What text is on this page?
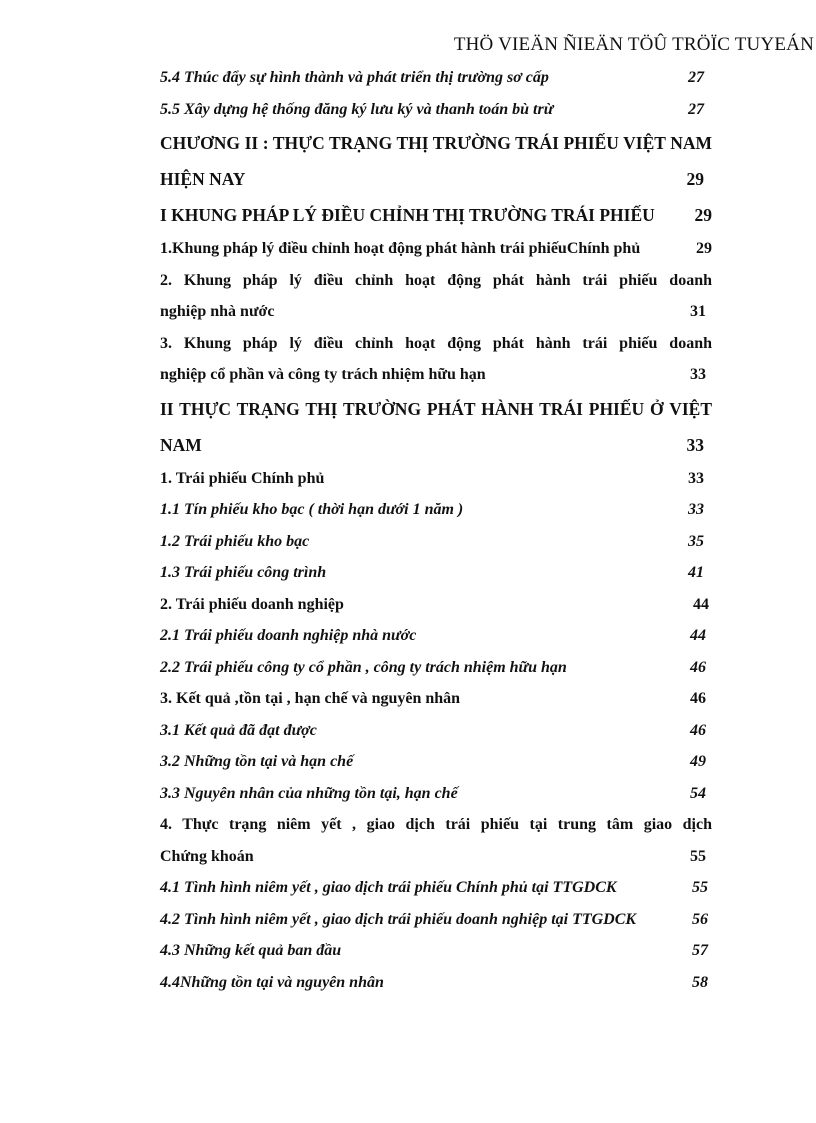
THÖ VIEÄN ÑIEÄN TÖÛ TRÖÏC TUYEÁN
5.4 Thúc đẩy sự hình thành và phát triển thị trường sơ cấp	27
5.5 Xây dựng hệ thống đăng ký lưu ký và thanh toán bù trừ	27
CHƯƠNG II : THỰC TRẠNG THỊ TRƯỜNG TRÁI PHIẾU VIỆT NAM
HIỆN NAY	29
I KHUNG PHÁP LÝ ĐIỀU CHỈNH THỊ TRƯỜNG TRÁI PHIẾU 29
1.Khung pháp lý điều chỉnh hoạt động phát hành trái phiếuChính phủ	29
2. Khung pháp lý điều chỉnh hoạt động phát hành trái phiếu doanh
nghiệp nhà nước	31
3. Khung pháp lý điều chỉnh hoạt động phát hành trái phiếu doanh
nghiệp cổ phần và công ty trách nhiệm hữu hạn	33
II THỰC TRẠNG THỊ TRƯỜNG PHÁT HÀNH TRÁI PHIẾU Ở VIỆT
NAM	33
1. Trái phiếu Chính phủ	33
1.1 Tín phiếu kho bạc ( thời hạn dưới 1 năm )	33
1.2 Trái phiếu kho bạc	35
1.3 Trái phiếu công trình	41
2. Trái phiếu doanh nghiệp	44
2.1 Trái phiếu doanh nghiệp nhà nước	44
2.2 Trái phiếu công ty cổ phần , công ty trách nhiệm hữu hạn	46
3. Kết quả ,tồn tại , hạn chế và nguyên nhân	46
3.1 Kết quả đã đạt được	46
3.2 Những tồn tại và hạn chế	49
3.3 Nguyên nhân của những tồn tại, hạn chế	54
4. Thực trạng niêm yết , giao dịch trái phiếu tại trung tâm giao dịch
Chứng khoán	55
4.1 Tình hình niêm yết , giao dịch trái phiếu Chính phủ tại TTGDCK	55
4.2 Tình hình niêm yết , giao dịch trái phiếu doanh nghiệp tại TTGDCK	56
4.3 Những kết quả ban đầu	57
4.4Những tồn tại và nguyên nhân	58
